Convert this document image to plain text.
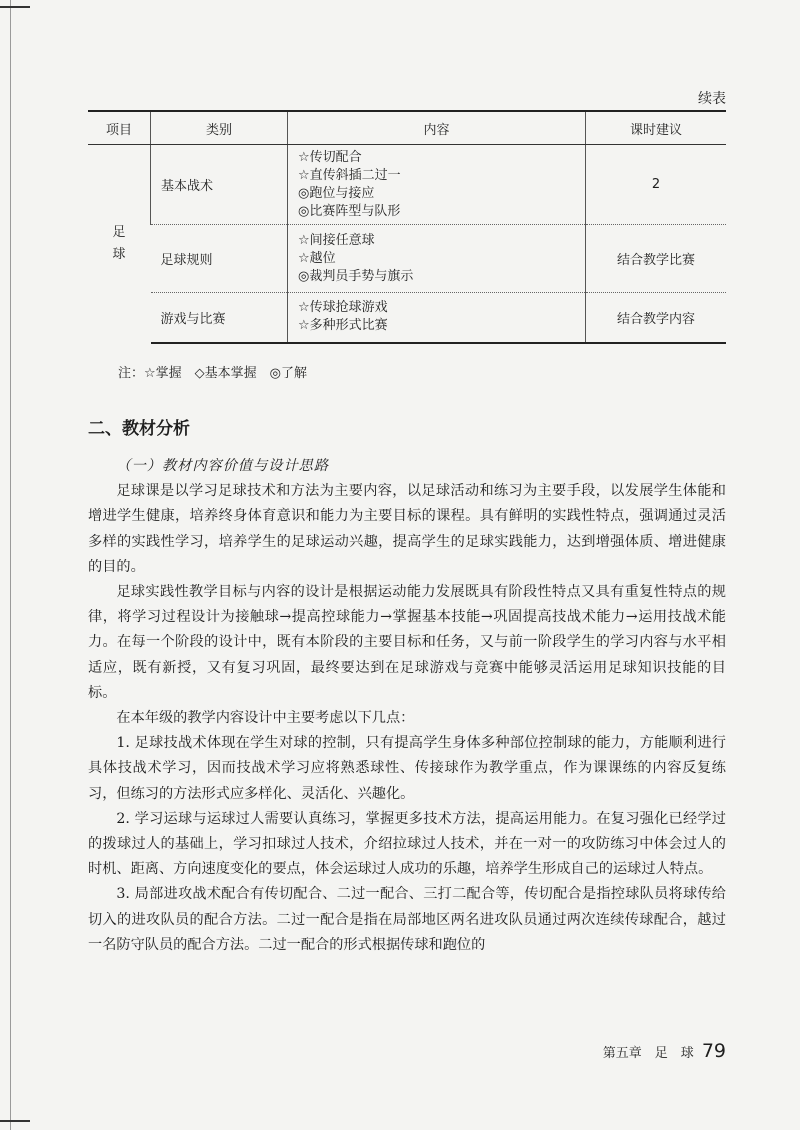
续表
项目	类别	内容	课时建议
足
球	基本战术	☆传切配合
☆直传斜插二过一
◎跑位与接应
◎比赛阵型与队形	2
	足球规则	☆间接任意球
☆越位
◎裁判员手势与旗示	结合教学比赛
	游戏与比赛	☆传球抢球游戏
☆多种形式比赛	结合教学内容
注：☆掌握　◇基本掌握　◎了解
二、教材分析

（一）教材内容价值与设计思路

足球课是以学习足球技术和方法为主要内容，以足球活动和练习为主要手段，以发展学生体能和增进学生健康，培养终身体育意识和能力为主要目标的课程。具有鲜明的实践性特点，强调通过灵活多样的实践性学习，培养学生的足球运动兴趣，提高学生的足球实践能力，达到增强体质、增进健康的目的。

足球实践性教学目标与内容的设计是根据运动能力发展既具有阶段性特点又具有重复性特点的规律，将学习过程设计为接触球→提高控球能力→掌握基本技能→巩固提高技战术能力→运用技战术能力。在每一个阶段的设计中，既有本阶段的主要目标和任务，又与前一阶段学生的学习内容与水平相适应，既有新授，又有复习巩固，最终要达到在足球游戏与竞赛中能够灵活运用足球知识技能的目标。

在本年级的教学内容设计中主要考虑以下几点：

1. 足球技战术体现在学生对球的控制，只有提高学生身体多种部位控制球的能力，方能顺利进行具体技战术学习，因而技战术学习应将熟悉球性、传接球作为教学重点，作为课课练的内容反复练习，但练习的方法形式应多样化、灵活化、兴趣化。

2. 学习运球与运球过人需要认真练习，掌握更多技术方法，提高运用能力。在复习强化已经学过的拨球过人的基础上，学习扣球过人技术，介绍拉球过人技术，并在一对一的攻防练习中体会过人的时机、距离、方向速度变化的要点，体会运球过人成功的乐趣，培养学生形成自己的运球过人特点。

3. 局部进攻战术配合有传切配合、二过一配合、三打二配合等，传切配合是指控球队员将球传给切入的进攻队员的配合方法。二过一配合是指在局部地区两名进攻队员通过两次连续传球配合，越过一名防守队员的配合方法。二过一配合的形式根据传球和跑位的

第五章　足　球 79
